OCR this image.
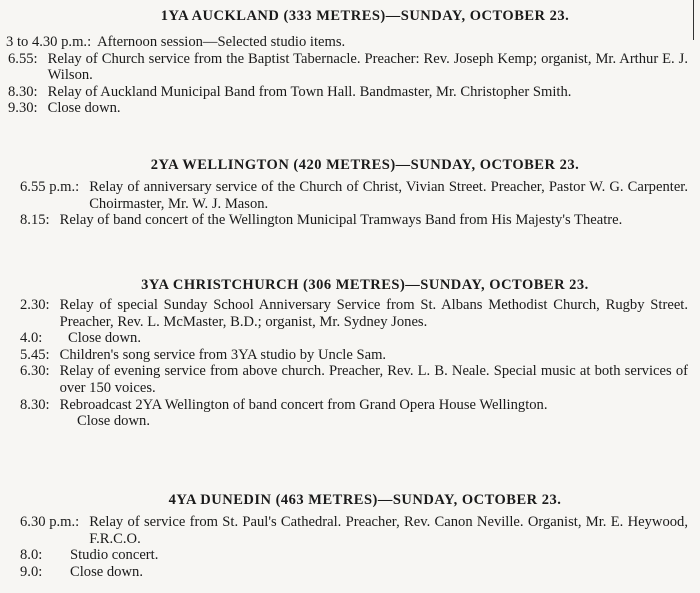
1YA AUCKLAND (333 METRES)—SUNDAY, OCTOBER 23.
3 to 4.30 p.m.: Afternoon session—Selected studio items.
6.55: Relay of Church service from the Baptist Tabernacle. Preacher: Rev. Joseph Kemp; organist, Mr. Arthur E. J. Wilson.
8.30: Relay of Auckland Municipal Band from Town Hall. Bandmaster, Mr. Christopher Smith.
9.30: Close down.
2YA WELLINGTON (420 METRES)—SUNDAY, OCTOBER 23.
6.55 p.m.: Relay of anniversary service of the Church of Christ, Vivian Street. Preacher, Pastor W. G. Carpenter. Choirmaster, Mr. W. J. Mason.
8.15: Relay of band concert of the Wellington Municipal Tramways Band from His Majesty's Theatre.
3YA CHRISTCHURCH (306 METRES)—SUNDAY, OCTOBER 23.
2.30: Relay of special Sunday School Anniversary Service from St. Albans Methodist Church, Rugby Street. Preacher, Rev. L. McMaster, B.D.; organist, Mr. Sydney Jones.
4.0:	Close down.
5.45: Children's song service from 3YA studio by Uncle Sam.
6.30: Relay of evening service from above church. Preacher, Rev. L. B. Neale. Special music at both services of over 150 voices.
8.30: Rebroadcast 2YA Wellington of band concert from Grand Opera House Wellington.
Close down.
4YA DUNEDIN (463 METRES)—SUNDAY, OCTOBER 23.
6.30 p.m.: Relay of service from St. Paul's Cathedral. Preacher, Rev. Canon Neville. Organist, Mr. E. Heywood, F.R.C.O.
8.0:	Studio concert.
9.0:	Close down.
